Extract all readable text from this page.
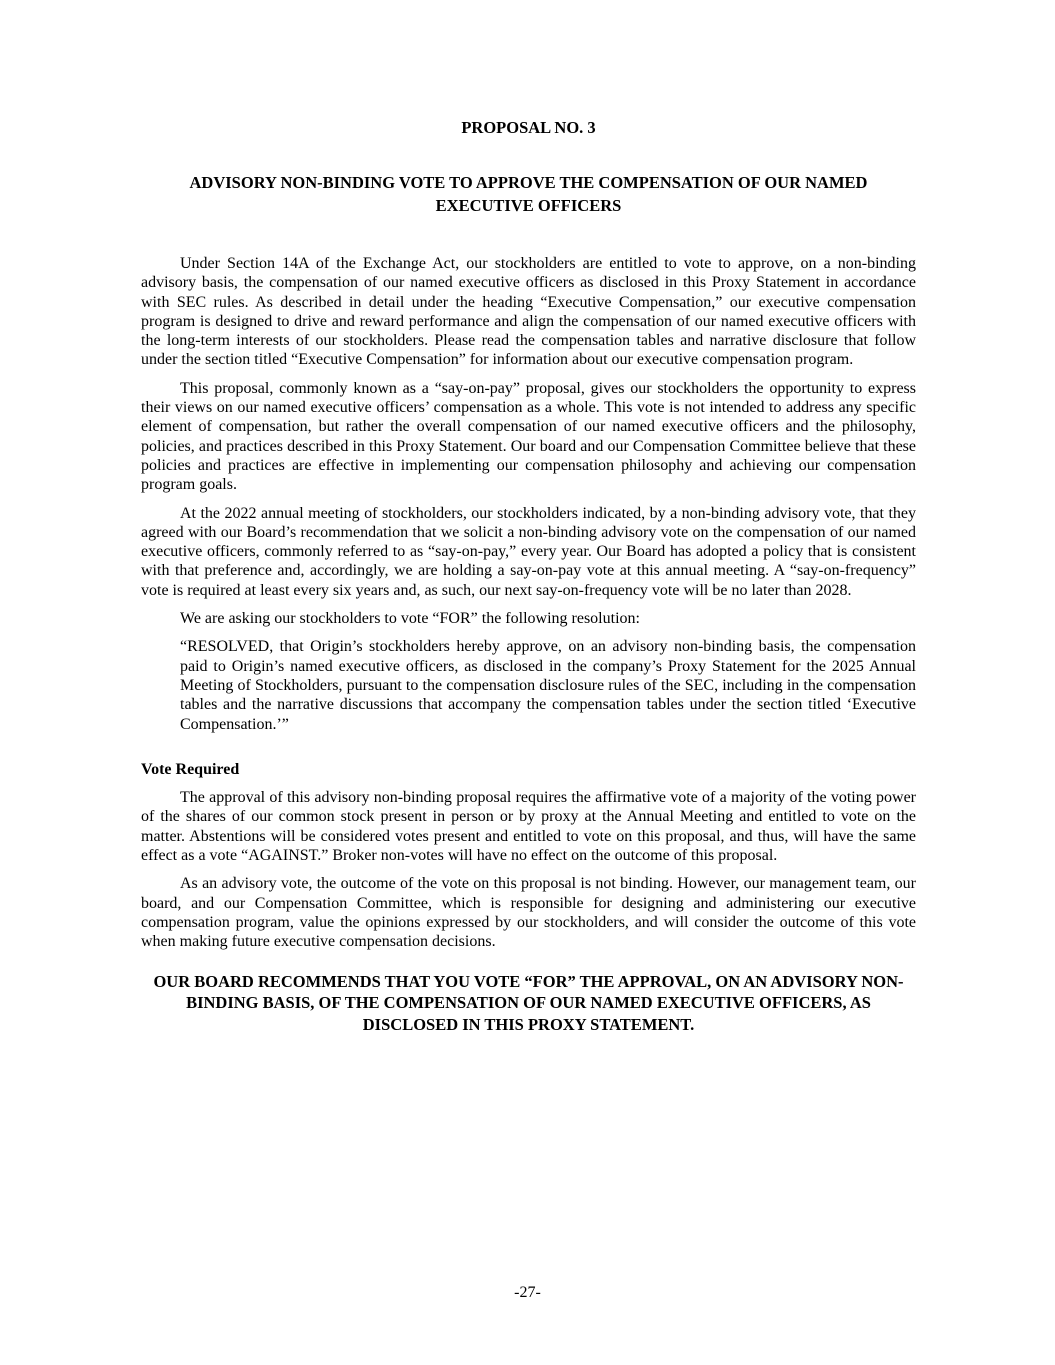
PROPOSAL NO. 3
ADVISORY NON-BINDING VOTE TO APPROVE THE COMPENSATION OF OUR NAMED EXECUTIVE OFFICERS

Under Section 14A of the Exchange Act, our stockholders are entitled to vote to approve, on a non-binding advisory basis, the compensation of our named executive officers as disclosed in this Proxy Statement in accordance with SEC rules. As described in detail under the heading “Executive Compensation,” our executive compensation program is designed to drive and reward performance and align the compensation of our named executive officers with the long-term interests of our stockholders. Please read the compensation tables and narrative disclosure that follow under the section titled “Executive Compensation” for information about our executive compensation program.

This proposal, commonly known as a “say-on-pay” proposal, gives our stockholders the opportunity to express their views on our named executive officers’ compensation as a whole. This vote is not intended to address any specific element of compensation, but rather the overall compensation of our named executive officers and the philosophy, policies, and practices described in this Proxy Statement. Our board and our Compensation Committee believe that these policies and practices are effective in implementing our compensation philosophy and achieving our compensation program goals.

At the 2022 annual meeting of stockholders, our stockholders indicated, by a non-binding advisory vote, that they agreed with our Board’s recommendation that we solicit a non-binding advisory vote on the compensation of our named executive officers, commonly referred to as “say-on-pay,” every year. Our Board has adopted a policy that is consistent with that preference and, accordingly, we are holding a say-on-pay vote at this annual meeting. A “say-on-frequency” vote is required at least every six years and, as such, our next say-on-frequency vote will be no later than 2028.

We are asking our stockholders to vote “FOR” the following resolution:

“RESOLVED, that Origin’s stockholders hereby approve, on an advisory non-binding basis, the compensation paid to Origin’s named executive officers, as disclosed in the company’s Proxy Statement for the 2025 Annual Meeting of Stockholders, pursuant to the compensation disclosure rules of the SEC, including in the compensation tables and the narrative discussions that accompany the compensation tables under the section titled ‘Executive Compensation.’”

Vote Required

The approval of this advisory non-binding proposal requires the affirmative vote of a majority of the voting power of the shares of our common stock present in person or by proxy at the Annual Meeting and entitled to vote on the matter. Abstentions will be considered votes present and entitled to vote on this proposal, and thus, will have the same effect as a vote “AGAINST.” Broker non-votes will have no effect on the outcome of this proposal.

As an advisory vote, the outcome of the vote on this proposal is not binding. However, our management team, our board, and our Compensation Committee, which is responsible for designing and administering our executive compensation program, value the opinions expressed by our stockholders, and will consider the outcome of this vote when making future executive compensation decisions.

OUR BOARD RECOMMENDS THAT YOU VOTE “FOR” THE APPROVAL, ON AN ADVISORY NON-BINDING BASIS, OF THE COMPENSATION OF OUR NAMED EXECUTIVE OFFICERS, AS DISCLOSED IN THIS PROXY STATEMENT.

-27-
